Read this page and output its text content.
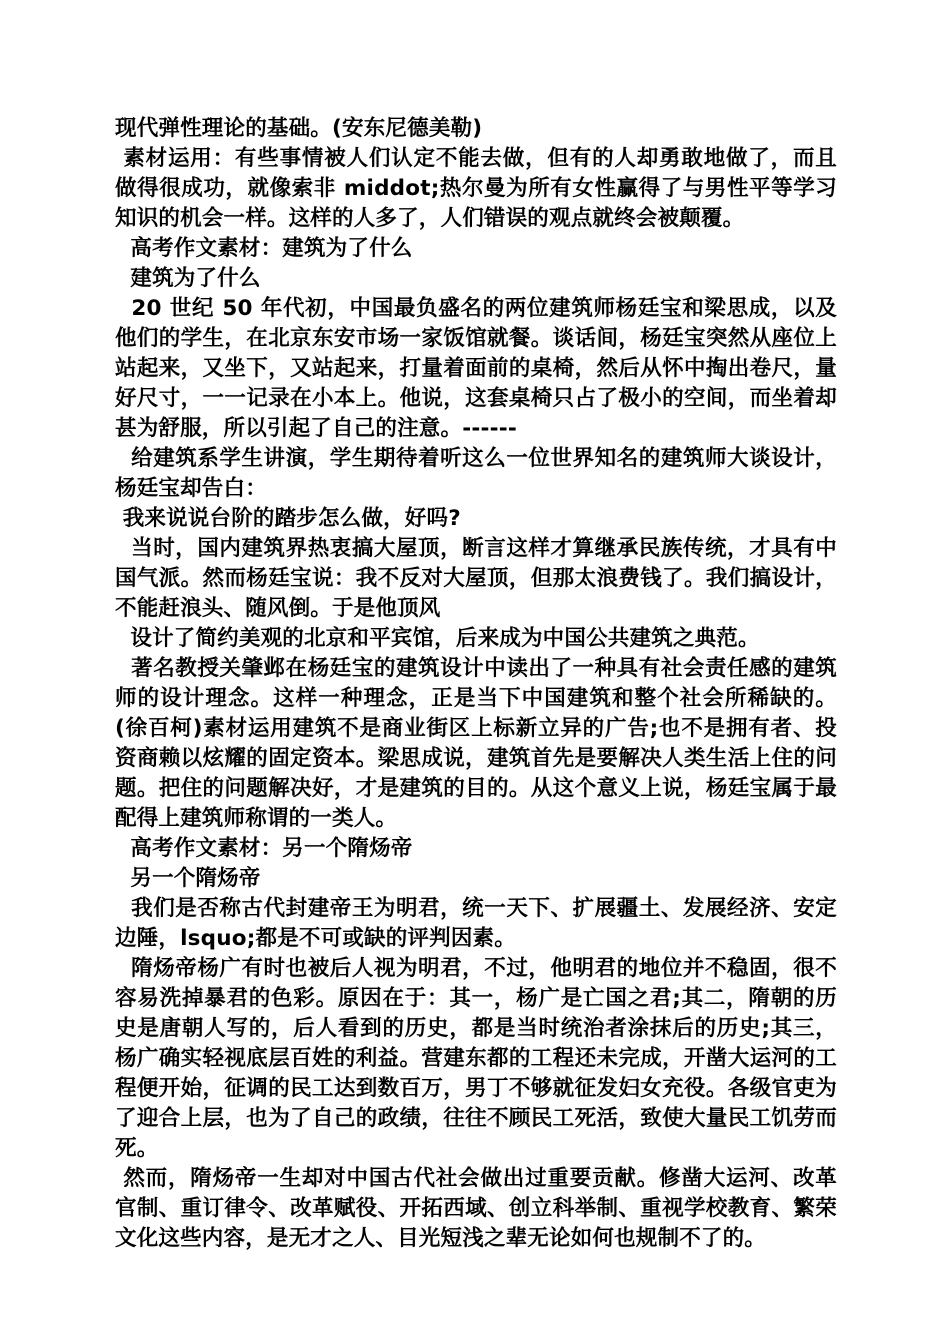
现代弹性理论的基础。(安东尼德美勒)

素材运用：有些事情被人们认定不能去做，但有的人却勇敢地做了，而且做得很成功，就像索非 middot;热尔曼为所有女性赢得了与男性平等学习知识的机会一样。这样的人多了，人们错误的观点就终会被颠覆。

高考作文素材：建筑为了什么

建筑为了什么

20 世纪 50 年代初，中国最负盛名的两位建筑师杨廷宝和梁思成，以及他们的学生，在北京东安市场一家饭馆就餐。谈话间，杨廷宝突然从座位上站起来，又坐下，又站起来，打量着面前的桌椅，然后从怀中掏出卷尺，量好尺寸，一一记录在小本上。他说，这套桌椅只占了极小的空间，而坐着却甚为舒服，所以引起了自己的注意。------

给建筑系学生讲演，学生期待着听这么一位世界知名的建筑师大谈设计，杨廷宝却告白：

我来说说台阶的踏步怎么做，好吗?

当时，国内建筑界热衷搞大屋顶，断言这样才算继承民族传统，才具有中国气派。然而杨廷宝说：我不反对大屋顶，但那太浪费钱了。我们搞设计，不能赶浪头、随风倒。于是他顶风

设计了简约美观的北京和平宾馆，后来成为中国公共建筑之典范。

著名教授关肇邺在杨廷宝的建筑设计中读出了一种具有社会责任感的建筑师的设计理念。这样一种理念，正是当下中国建筑和整个社会所稀缺的。(徐百柯)素材运用建筑不是商业街区上标新立异的广告;也不是拥有者、投资商赖以炫耀的固定资本。梁思成说，建筑首先是要解决人类生活上住的问题。把住的问题解决好，才是建筑的目的。从这个意义上说，杨廷宝属于最配得上建筑师称谓的一类人。

高考作文素材：另一个隋炀帝

另一个隋炀帝

我们是否称古代封建帝王为明君，统一天下、扩展疆土、发展经济、安定边陲，lsquo;都是不可或缺的评判因素。

隋炀帝杨广有时也被后人视为明君，不过，他明君的地位并不稳固，很不容易洗掉暴君的色彩。原因在于：其一，杨广是亡国之君;其二，隋朝的历史是唐朝人写的，后人看到的历史，都是当时统治者涂抹后的历史;其三，杨广确实轻视底层百姓的利益。营建东都的工程还未完成，开凿大运河的工程便开始，征调的民工达到数百万，男丁不够就征发妇女充役。各级官吏为了迎合上层，也为了自己的政绩，往往不顾民工死活，致使大量民工饥劳而死。

然而，隋炀帝一生却对中国古代社会做出过重要贡献。修凿大运河、改革官制、重订律令、改革赋役、开拓西域、创立科举制、重视学校教育、繁荣文化这些内容，是无才之人、目光短浅之辈无论如何也规制不了的。
